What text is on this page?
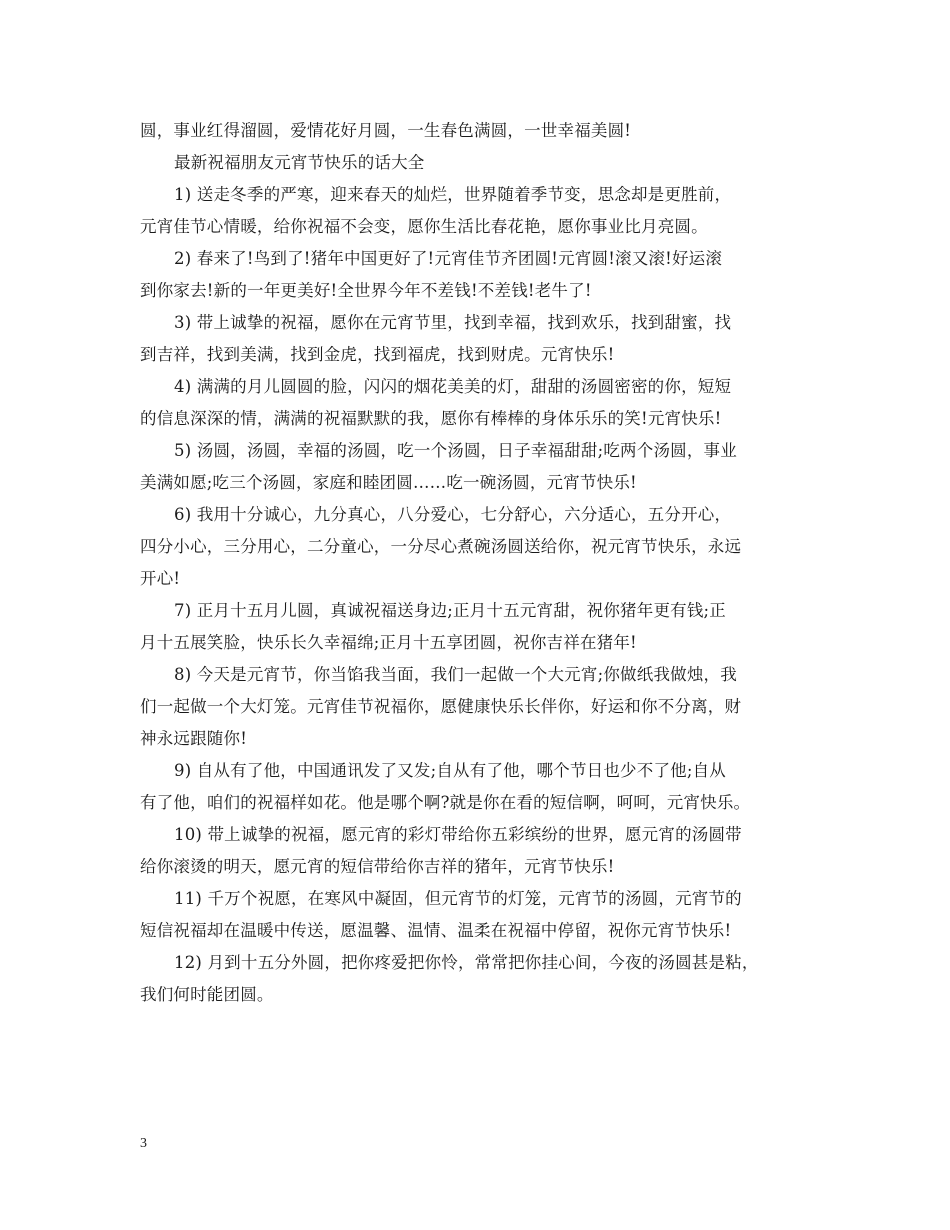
圆，事业红得溜圆，爱情花好月圆，一生春色满圆，一世幸福美圆!
最新祝福朋友元宵节快乐的话大全
1) 送走冬季的严寒，迎来春天的灿烂，世界随着季节变，思念却是更胜前，
元宵佳节心情暖，给你祝福不会变，愿你生活比春花艳，愿你事业比月亮圆。
2) 春来了!鸟到了!猪年中国更好了!元宵佳节齐团圆!元宵圆!滚又滚!好运滚
到你家去!新的一年更美好!全世界今年不差钱!不差钱!老牛了!
3) 带上诚挚的祝福，愿你在元宵节里，找到幸福，找到欢乐，找到甜蜜，找
到吉祥，找到美满，找到金虎，找到福虎，找到财虎。元宵快乐!
4) 满满的月儿圆圆的脸，闪闪的烟花美美的灯，甜甜的汤圆密密的你，短短
的信息深深的情，满满的祝福默默的我，愿你有棒棒的身体乐乐的笑!元宵快乐!
5) 汤圆，汤圆，幸福的汤圆，吃一个汤圆，日子幸福甜甜;吃两个汤圆，事业
美满如愿;吃三个汤圆，家庭和睦团圆……吃一碗汤圆，元宵节快乐!
6) 我用十分诚心，九分真心，八分爱心，七分舒心，六分适心，五分开心，
四分小心，三分用心，二分童心，一分尽心煮碗汤圆送给你，祝元宵节快乐，永远
开心!
7) 正月十五月儿圆，真诚祝福送身边;正月十五元宵甜，祝你猪年更有钱;正
月十五展笑脸，快乐长久幸福绵;正月十五享团圆，祝你吉祥在猪年!
8) 今天是元宵节，你当馅我当面，我们一起做一个大元宵;你做纸我做烛，我
们一起做一个大灯笼。元宵佳节祝福你，愿健康快乐长伴你，好运和你不分离，财
神永远跟随你!
9) 自从有了他，中国通讯发了又发;自从有了他，哪个节日也少不了他;自从
有了他，咱们的祝福样如花。他是哪个啊?就是你在看的短信啊，呵呵，元宵快乐。
10) 带上诚挚的祝福，愿元宵的彩灯带给你五彩缤纷的世界，愿元宵的汤圆带
给你滚烫的明天，愿元宵的短信带给你吉祥的猪年，元宵节快乐!
11) 千万个祝愿，在寒风中凝固，但元宵节的灯笼，元宵节的汤圆，元宵节的
短信祝福却在温暖中传送，愿温馨、温情、温柔在祝福中停留，祝你元宵节快乐!
12) 月到十五分外圆，把你疼爱把你怜，常常把你挂心间，今夜的汤圆甚是粘，
我们何时能团圆。
3
